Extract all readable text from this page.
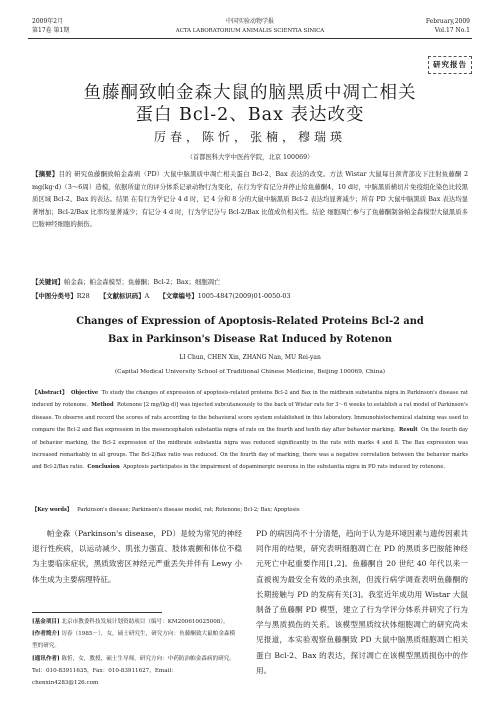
2009年2月
第17卷 第1期
中国实验动物学报
ACTA LABORATORIUM ANIMALIS SCIENTIA SINICA
February,2009
Vol.17 No.1
研究报告
鱼藤酮致帕金森大鼠的脑黑质中凋亡相关
蛋白 Bcl-2、Bax 表达改变
厉春，陈忻，张楠，穆瑞瑛
（首都医科大学中医药学院，北京 100069）
【摘要】目的 研究鱼藤酮致帕金森病（PD）大鼠中脑黑质中凋亡相关蛋白 Bcl-2、Bax 表达的改变。方法 Wistar 大鼠每日颈背部皮下注射鱼藤酮 2 mg(kg·d)（3～6周）造模，依据所建立的评分体系记录动物行为变化，在行为学有记分并停止给鱼藤酮4、10 d时，中脑黑质横切片免疫组化染色比较黑质区域 Bcl-2、Bax 的表达。结果 在有行为学记分 4 d 时，记 4 分和 8 分的大鼠中脑黑质 Bcl-2 表达均显著减少；所有 PD 大鼠中脑黑质 Bax 表达均显著增加；Bcl-2/Bax 比率均显著减少；有记分 4 d 时，行为学记分与 Bcl-2/Bax 比值成负相关性。结论 细胞凋亡参与了鱼藤酮制备帕金森模型大鼠黑质多巴胺神经细胞的损伤。
【关键词】帕金森；帕金森模型；鱼藤酮；Bcl-2；Bax；细胞凋亡
【中图分类号】R28 【文献标识码】A 【文章编号】1005-4847(2009)01-0050-03
Changes of Expression of Apoptosis-Related Proteins Bcl-2 and
Bax in Parkinson's Disease Rat Induced by Rotenon
LI Chun, CHEN Xin, ZHANG Nan, MU Rei-yan
(Capital Medical University School of Traditional Chinese Medicine, Beijing 100069, China)
【Abstract】 Objective To study the changes of expression of apoptosis-related proteins Bcl-2 and Bax in the midbrain substantia nigra in Parkinson's disease rat induced by rotenone. Method Rotenone [2 mg/(kg·d)] was injected subcutaneously to the back of Wistar rats for 3～6 weeks to establish a rat model of Parkinson's disease. To observe and record the scores of rats according to the behavioral score system established in this laboratory. Immunohistochemical staining was used to compare the Bcl-2 and Bax expression in the mesencephalon substantia nigra of rats on the fourth and tenth day after behavior marking. Result On the fourth day of behavior marking, the Bcl-2 expression of the midbrain substantia nigra was reduced significantly in the rats with marks 4 and 8. The Bax expression was increased remarkably in all groups. The Bcl-2/Bax ratio was reduced. On the fourth day of marking, there was a negative correlation between the behavior marks and Bcl-2/Bax ratio. Conclusion Apoptosis participates in the impairment of dopaminergic neurons in the substantia nigra in PD rats induced by rotenone.
【Key words】 Parkinson's disease; Parkinson's disease model, rat; Rotenone; Bcl-2; Bax; Apoptosis
帕金森（Parkinson's disease，PD）是较为常见的神经退行性疾病，以运动减少、肌张力强直、肢体震颤和体位不稳为主要临床症状，黑质致密区神经元严重丢失并伴有 Lewy 小体生成为主要病理特征。
[基金项目] 北京市教委科技发展计划资助项目（编号：KM200610025008）。
[作者简介] 厉春（1985－），女，硕士研究生，研究方向：鱼藤酮致大鼠帕金森模型的研究。
[通讯作者] 陈忻，女，教授，硕士生导师，研究方向：中药防治帕金森病的研究。Tel：010-83911635，Fax：010-83911627，Email：chenxin4283@126.com
PD 的病因尚不十分清楚，趋向于认为是环境因素与遗传因素共同作用的结果，研究表明细胞凋亡在 PD 的黑质多巴胺能神经元死亡中起重要作用[1,2]。鱼藤酮自 20 世纪 40 年代以来一直被视为最安全有效的杀虫剂，但流行病学调查表明鱼藤酮的长期接触与 PD 的发病有关[3]。我室近年成功用 Wistar 大鼠制备了鱼藤酮 PD 模型，建立了行为学评分体系并研究了行为学与黑质损伤的关系。该模型黑质纹状体细胞凋亡的研究尚未见报道，本实验观察鱼藤酮致 PD 大鼠中脑黑质细胞凋亡相关蛋白 Bcl-2、Bax 的表达，探讨凋亡在该模型黑质损伤中的作用。
